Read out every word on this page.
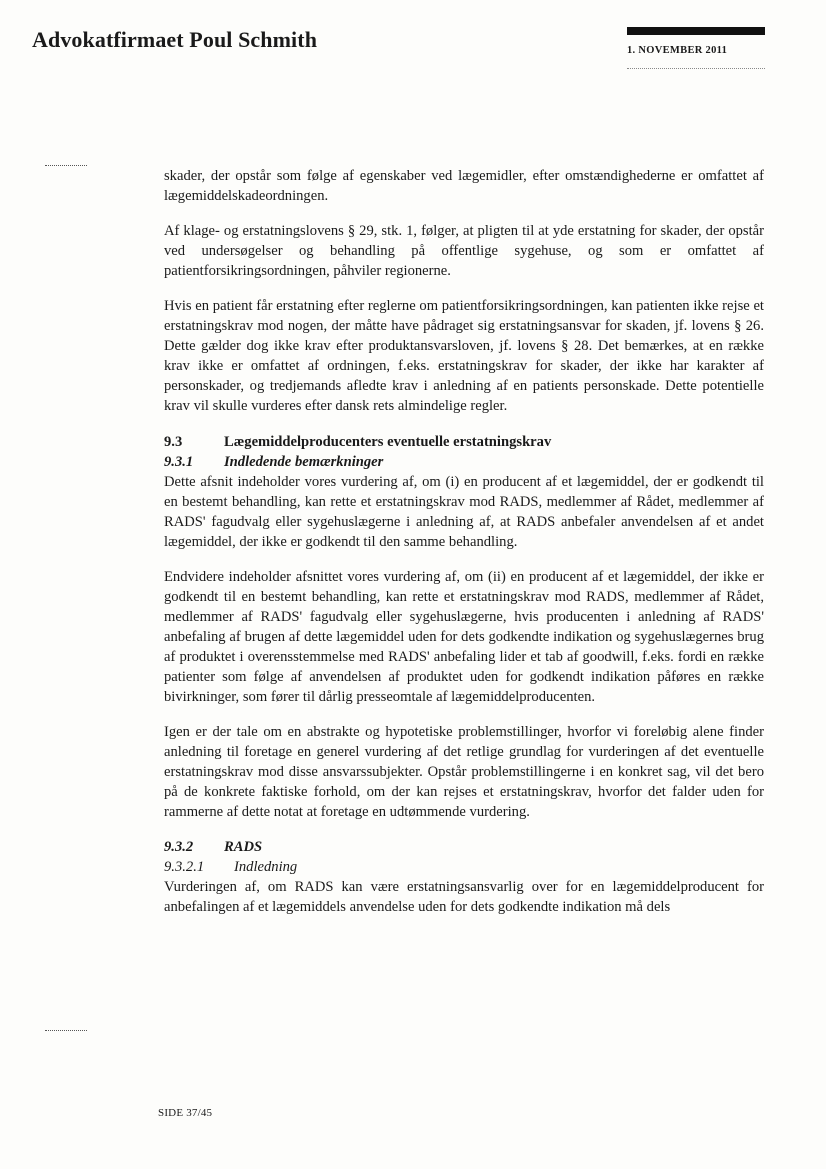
Advokatfirmaet Poul Schmith	1. NOVEMBER 2011

skader, der opstår som følge af egenskaber ved lægemidler, efter omstændighederne er omfattet af lægemiddelskadeordningen.

Af klage- og erstatningslovens § 29, stk. 1, følger, at pligten til at yde erstatning for skader, der opstår ved undersøgelser og behandling på offentlige sygehuse, og som er omfattet af patientforsikringsordningen, påhviler regionerne.

Hvis en patient får erstatning efter reglerne om patientforsikringsordningen, kan patienten ikke rejse et erstatningskrav mod nogen, der måtte have pådraget sig erstatningsansvar for skaden, jf. lovens § 26. Dette gælder dog ikke krav efter produktansvarsloven, jf. lovens § 28. Det bemærkes, at en række krav ikke er omfattet af ordningen, f.eks. erstatningskrav for skader, der ikke har karakter af personskader, og tredjemands afledte krav i anledning af en patients personskade. Dette potentielle krav vil skulle vurderes efter dansk rets almindelige regler.

9.3	Lægemiddelproducenters eventuelle erstatningskrav
9.3.1	Indledende bemærkninger

Dette afsnit indeholder vores vurdering af, om (i) en producent af et lægemiddel, der er godkendt til en bestemt behandling, kan rette et erstatningskrav mod RADS, medlemmer af Rådet, medlemmer af RADS' fagudvalg eller sygehuslægerne i anledning af, at RADS anbefaler anvendelsen af et andet lægemiddel, der ikke er godkendt til den samme behandling.

Endvidere indeholder afsnittet vores vurdering af, om (ii) en producent af et lægemiddel, der ikke er godkendt til en bestemt behandling, kan rette et erstatningskrav mod RADS, medlemmer af Rådet, medlemmer af RADS' fagudvalg eller sygehuslægerne, hvis producenten i anledning af RADS' anbefaling af brugen af dette lægemiddel uden for dets godkendte indikation og sygehuslægernes brug af produktet i overensstemmelse med RADS' anbefaling lider et tab af goodwill, f.eks. fordi en række patienter som følge af anvendelsen af produktet uden for godkendt indikation påføres en række bivirkninger, som fører til dårlig presseomtale af lægemiddelproducenten.

Igen er der tale om en abstrakte og hypotetiske problemstillinger, hvorfor vi foreløbig alene finder anledning til foretage en generel vurdering af det retlige grundlag for vurderingen af det eventuelle erstatningskrav mod disse ansvarssubjekter. Opstår problemstillingerne i en konkret sag, vil det bero på de konkrete faktiske forhold, om der kan rejses et erstatningskrav, hvorfor det falder uden for rammerne af dette notat at foretage en udtømmende vurdering.

9.3.2	RADS
9.3.2.1	Indledning

Vurderingen af, om RADS kan være erstatningsansvarlig over for en lægemiddelproducent for anbefalingen af et lægemiddels anvendelse uden for dets godkendte indikation må dels

SIDE 37/45
